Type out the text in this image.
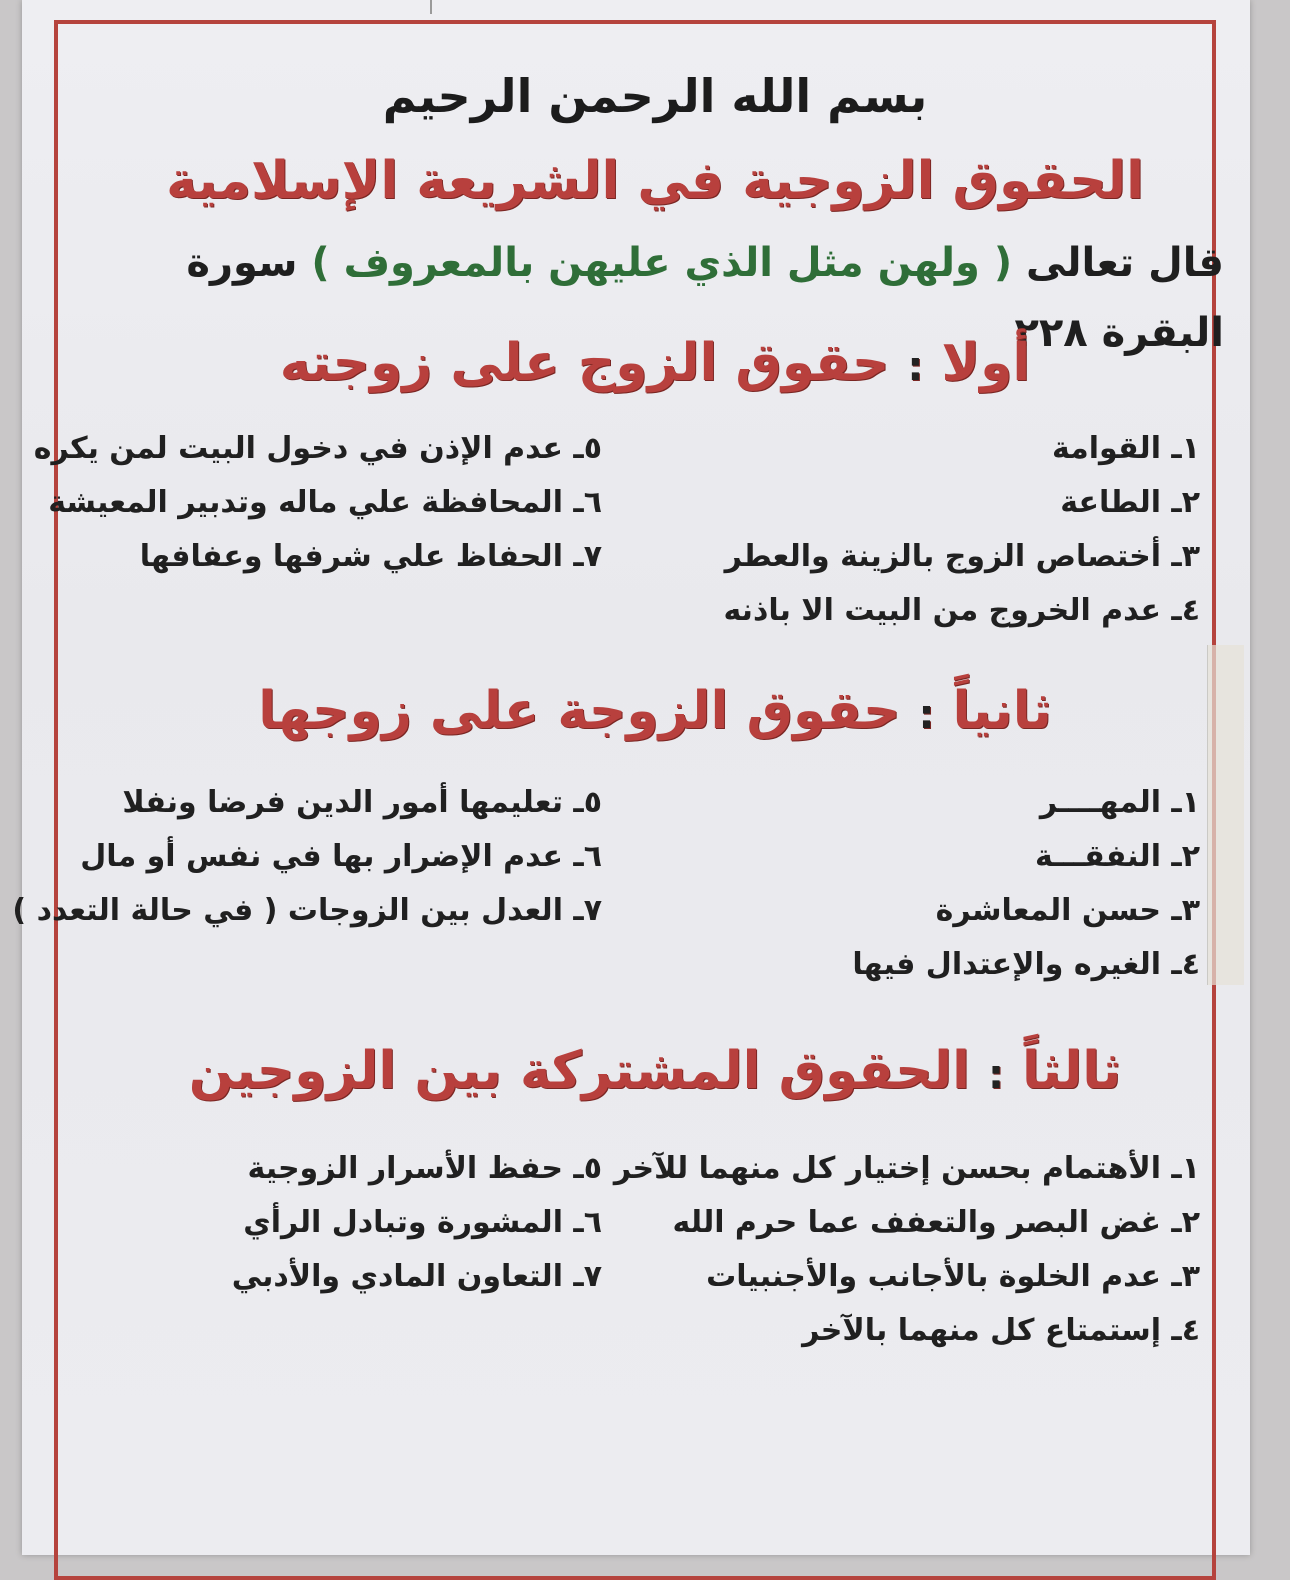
بسم الله الرحمن الرحيم
الحقوق الزوجية في الشريعة الإسلامية
قال تعالى ( ولهن مثل الذي عليهن بالمعروف ) سورة البقرة ٢٢٨
أولا:حقوق الزوج على زوجته
١ـ القوامة
٢ـ الطاعة
٣ـ أختصاص الزوج بالزينة والعطر
٤ـ عدم الخروج من البيت الا باذنه
٥ـ عدم الإذن في دخول البيت لمن يكره
٦ـ المحافظة علي ماله وتدبير المعيشة
٧ـ الحفاظ علي شرفها وعفافها
ثانياً:حقوق الزوجة على زوجها
١ـ المهــــر
٢ـ النفقـــة
٣ـ حسن المعاشرة
٤ـ الغيره والإعتدال فيها
٥ـ تعليمها أمور الدين فرضا ونفلا
٦ـ عدم الإضرار بها في نفس أو مال
٧ـ العدل بين الزوجات ( في حالة التعدد )
ثالثاً:الحقوق المشتركة بين الزوجين
١ـ الأهتمام بحسن إختيار كل منهما للآخر
٢ـ غض البصر والتعفف عما حرم الله
٣ـ عدم الخلوة بالأجانب والأجنبيات
٤ـ إستمتاع كل منهما بالآخر
٥ـ حفظ الأسرار الزوجية
٦ـ المشورة وتبادل الرأي
٧ـ التعاون المادي والأدبي
